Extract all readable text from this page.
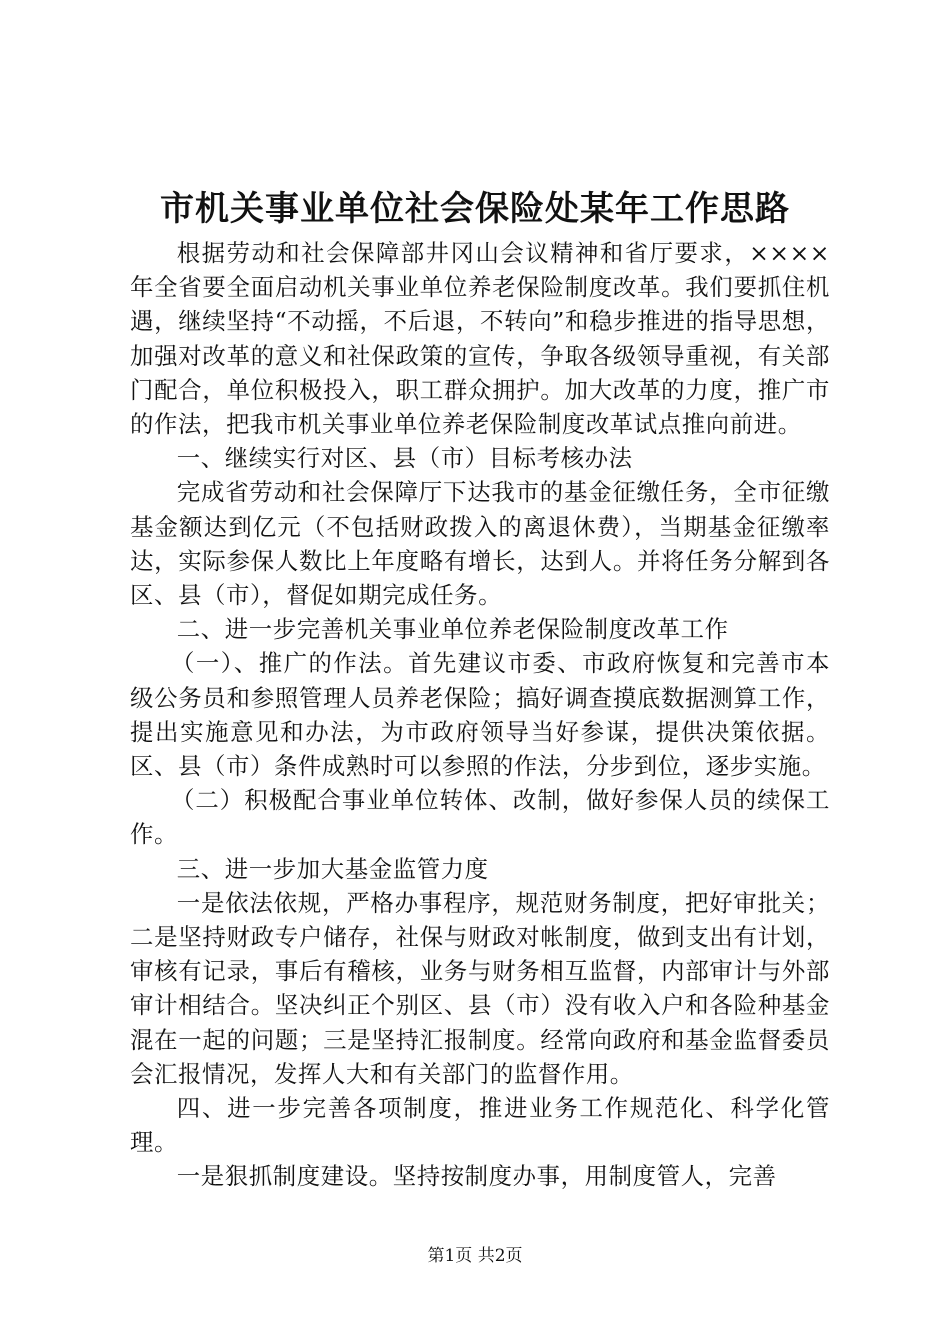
市机关事业单位社会保险处某年工作思路

根据劳动和社会保障部井冈山会议精神和省厅要求，××××年全省要全面启动机关事业单位养老保险制度改革。我们要抓住机遇，继续坚持“不动摇，不后退，不转向”和稳步推进的指导思想，加强对改革的意义和社保政策的宣传，争取各级领导重视，有关部门配合，单位积极投入，职工群众拥护。加大改革的力度，推广市的作法，把我市机关事业单位养老保险制度改革试点推向前进。

一、继续实行对区、县（市）目标考核办法

完成省劳动和社会保障厅下达我市的基金征缴任务，全市征缴基金额达到亿元（不包括财政拨入的离退休费），当期基金征缴率达，实际参保人数比上年度略有增长，达到人。并将任务分解到各区、县（市），督促如期完成任务。

二、进一步完善机关事业单位养老保险制度改革工作

（一）、推广的作法。首先建议市委、市政府恢复和完善市本级公务员和参照管理人员养老保险；搞好调查摸底数据测算工作，提出实施意见和办法，为市政府领导当好参谋，提供决策依据。区、县（市）条件成熟时可以参照的作法，分步到位，逐步实施。

（二）积极配合事业单位转体、改制，做好参保人员的续保工作。

三、进一步加大基金监管力度

一是依法依规，严格办事程序，规范财务制度，把好审批关；二是坚持财政专户储存，社保与财政对帐制度，做到支出有计划，审核有记录，事后有稽核，业务与财务相互监督，内部审计与外部审计相结合。坚决纠正个别区、县（市）没有收入户和各险种基金混在一起的问题；三是坚持汇报制度。经常向政府和基金监督委员会汇报情况，发挥人大和有关部门的监督作用。

四、进一步完善各项制度，推进业务工作规范化、科学化管理。

一是狠抓制度建设。坚持按制度办事，用制度管人，完善

第1页 共2页
